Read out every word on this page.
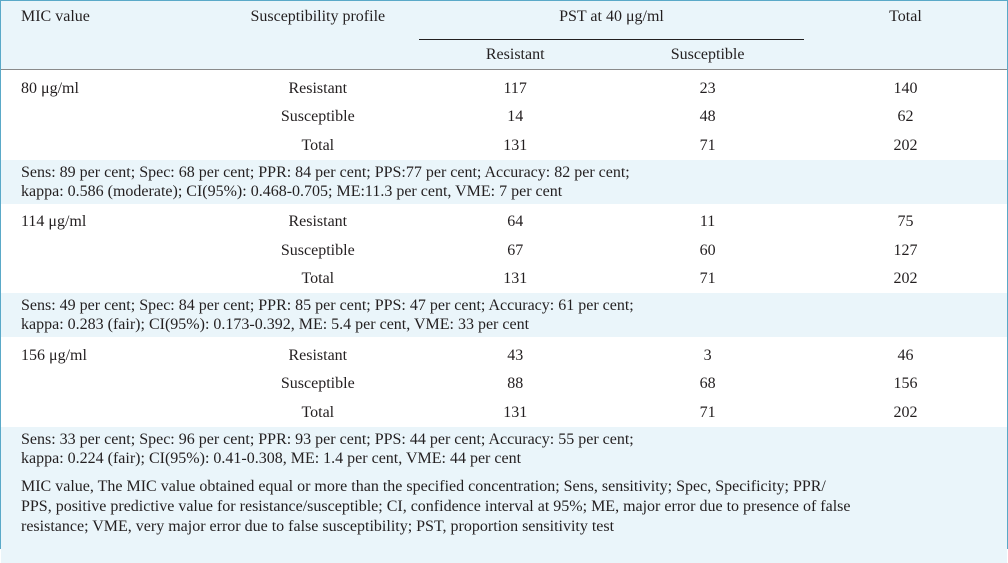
MIC value	Susceptibility profile	PST at 40 μg/ml		Total
		Resistant	Susceptible	
80 μg/ml	Resistant	117	23	140
	Susceptible	14	48	62
	Total	131	71	202

Sens: 89 per cent; Spec: 68 per cent; PPR: 84 per cent; PPS:77 per cent; Accuracy: 82 per cent;
kappa: 0.586 (moderate); CI(95%): 0.468-0.705; ME:11.3 per cent, VME: 7 per cent				

114 μg/ml	Resistant	64	11	75
	Susceptible	67	60	127
	Total	131	71	202

Sens: 49 per cent; Spec: 84 per cent; PPR: 85 per cent; PPS: 47 per cent; Accuracy: 61 per cent;
kappa: 0.283 (fair); CI(95%): 0.173-0.392, ME: 5.4 per cent, VME: 33 per cent				

156 μg/ml	Resistant	43	3	46
	Susceptible	88	68	156
	Total	131	71	202

Sens: 33 per cent; Spec: 96 per cent; PPR: 93 per cent; PPS: 44 per cent; Accuracy: 55 per cent;
kappa: 0.224 (fair); CI(95%): 0.41-0.308, ME: 1.4 per cent, VME: 44 per cent				

MIC value, The MIC value obtained equal or more than the specified concentration; Sens, sensitivity; Spec, Specificity; PPR/
PPS, positive predictive value for resistance/susceptible; CI, confidence interval at 95%; ME, major error due to presence of false
resistance; VME, very major error due to false susceptibility; PST, proportion sensitivity test				
